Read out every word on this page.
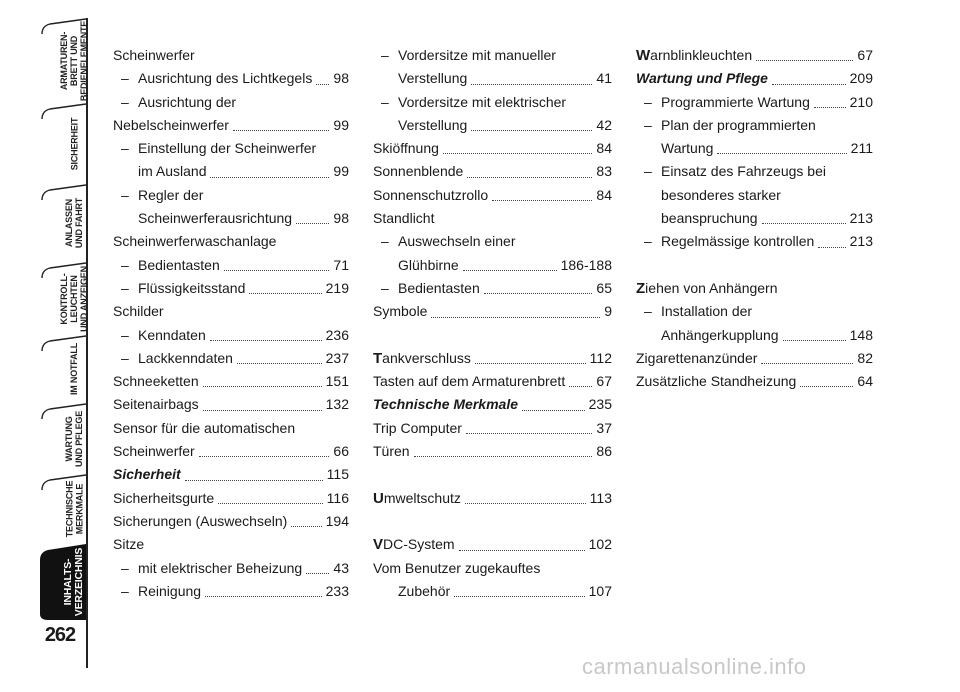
ARMATUREN-
BRETT UND
BEDIENELEMENTE
SICHERHEIT
ANLASSEN
UND FAHRT
KONTROLL-
LEUCHTEN
UND ANZEIGEN
IM NOTFALL
WARTUNG
UND PFLEGE
TECHNISCHE
MERKMALE
INHALTS-
VERZEICHNIS
262
Scheinwerfer
– Ausrichtung des Lichtkegels 98
– Ausrichtung der
Nebelscheinwerfer	99
– Einstellung der Scheinwerfer
im Ausland	99
– Regler der
Scheinwerferausrichtung	98
Scheinwerferwaschanlage
– Bedientasten	71
– Flüssigkeitsstand	219
Schilder
– Kenndaten	236
– Lackkenndaten	237
Schneeketten	151
Seitenairbags	132
Sensor für die automatischen
Scheinwerfer	66
Sicherheit	115
Sicherheitsgurte	116
Sicherungen (Auswechseln)	194
Sitze
– mit elektrischer Beheizung 43
– Reinigung	233
– Vordersitze mit manueller
Verstellung	41
– Vordersitze mit elektrischer
Verstellung	42
Skiöffnung	84
Sonnenblende	83
Sonnenschutzrollo	84
Standlicht
– Auswechseln einer
Glühbirne	186-188
– Bedientasten	65
Symbole	9
Tankverschluss	112
Tasten auf dem Armaturenbrett 67
Technische Merkmale	235
Trip Computer	37
Türen	86
Umweltschutz	113
VDC-System	102
Vom Benutzer zugekauftes
Zubehör	107
Warnblinkleuchten	67
Wartung und Pflege	209
– Programmierte Wartung	210
– Plan der programmierten
Wartung	211
– Einsatz des Fahrzeugs bei
besonderes starker
beanspruchung	213
– Regelmässige kontrollen	213
Ziehen von Anhängern
– Installation der
Anhängerkupplung	148
Zigarettenanzünder	82
Zusätzliche Standheizung	64
carmanualsonline.info
